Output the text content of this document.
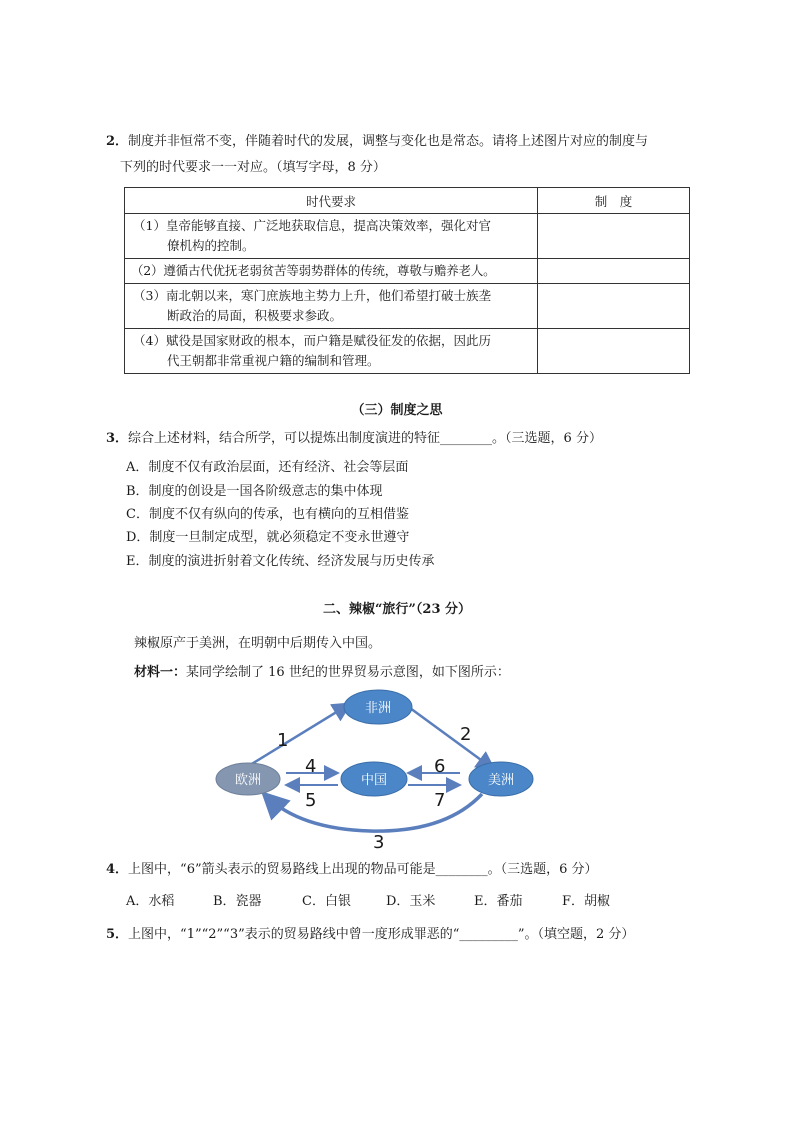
2．制度并非恒常不变，伴随着时代的发展，调整与变化也是常态。请将上述图片对应的制度与
下列的时代要求一一对应。（填写字母，8 分）
时代要求	制　度

（1）皇帝能够直接、广泛地获取信息，提高决策效率，强化对官
僚机构的控制。	

（2）遵循古代优抚老弱贫苦等弱势群体的传统，尊敬与赡养老人。	

（3）南北朝以来，寒门庶族地主势力上升，他们希望打破士族垄
断政治的局面，积极要求参政。	

（4）赋役是国家财政的根本，而户籍是赋役征发的依据，因此历
代王朝都非常重视户籍的编制和管理。	

（三）制度之思
3．综合上述材料，结合所学，可以提炼出制度演进的特征________。（三选题，6 分）
A．制度不仅有政治层面，还有经济、社会等层面
B．制度的创设是一国各阶级意志的集中体现
C．制度不仅有纵向的传承，也有横向的互相借鉴
D．制度一旦制定成型，就必须稳定不变永世遵守
E．制度的演进折射着文化传统、经济发展与历史传承
二、辣椒“旅行”（23 分）
辣椒原产于美洲，在明朝中后期传入中国。
材料一：某同学绘制了 16 世纪的世界贸易示意图，如下图所示：
非洲
欧洲	中国	美洲
1	2
3
4
5
6
7
4．上图中，“6”箭头表示的贸易路线上出现的物品可能是________。（三选题，6 分）
A．水稻	B．瓷器	C．白银	D．玉米	E．番茄	F．胡椒
5．上图中，“1”“2”“3”表示的贸易路线中曾一度形成罪恶的“_________”。（填空题，2 分）
